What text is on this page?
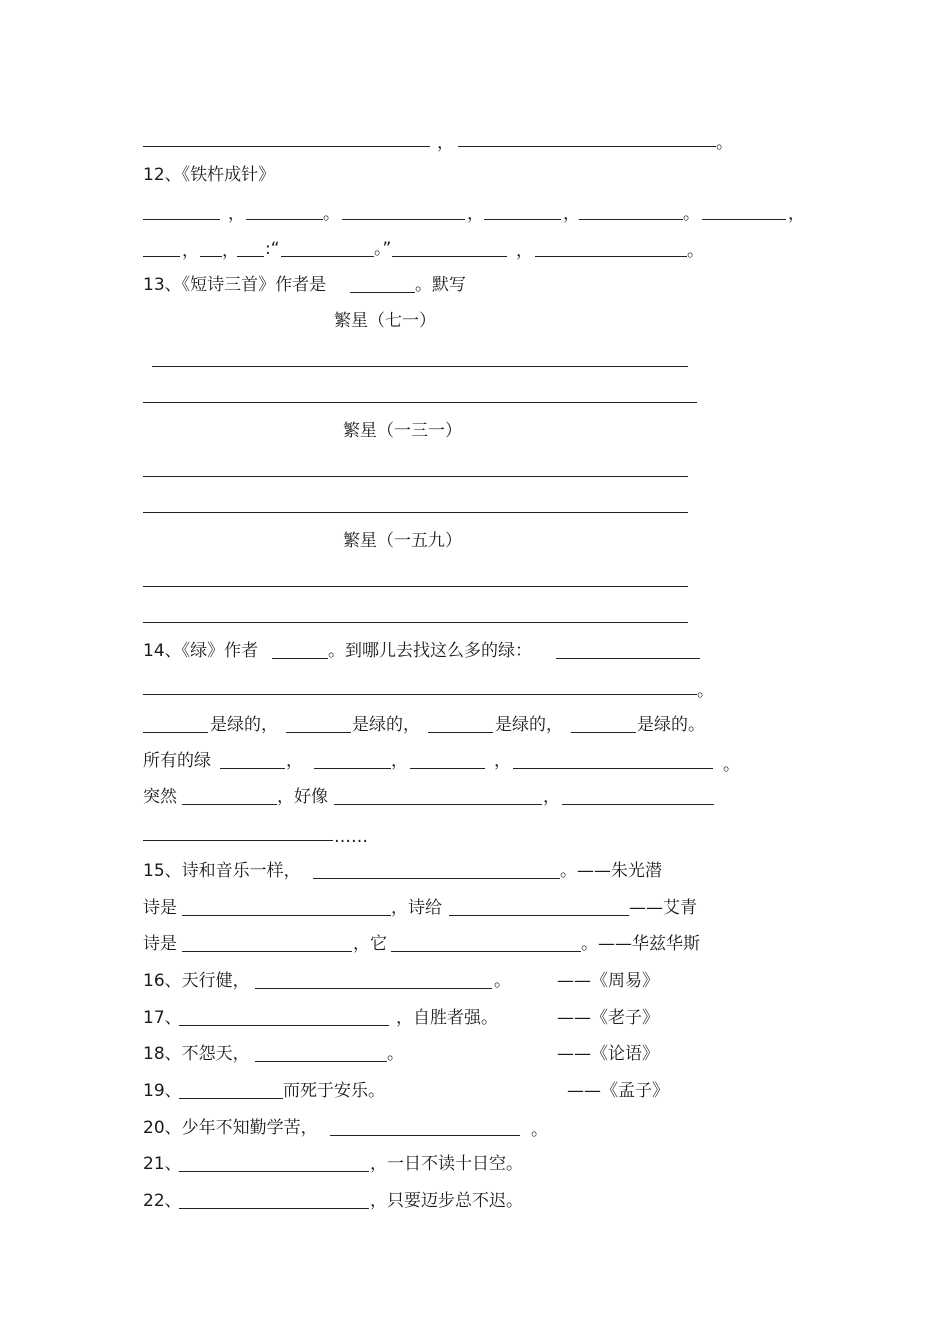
，	。
12、《铁杵成针》
，	。	，	，	。	，
， ， :“	。”	，	。
13、《短诗三首》作者是	。默写
繁星（七一）
繁星（一三一）
繁星（一五九）
14、《绿》作者	。到哪儿去找这么多的绿：
。
是绿的，	是绿的，	是绿的，	是绿的。
所有的绿	，	，	，	。
突然	，好像	，
……
15、诗和音乐一样，	。——朱光潜
诗是	，诗给	——艾青
诗是	，它	。——华兹华斯
16、天行健，	。	——《周易》
17、	，自胜者强。	——《老子》
18、不怨天，	。	——《论语》
19、	而死于安乐。	——《孟子》
20、少年不知勤学苦，	。
21、	，一日不读十日空。
22、	，只要迈步总不迟。
